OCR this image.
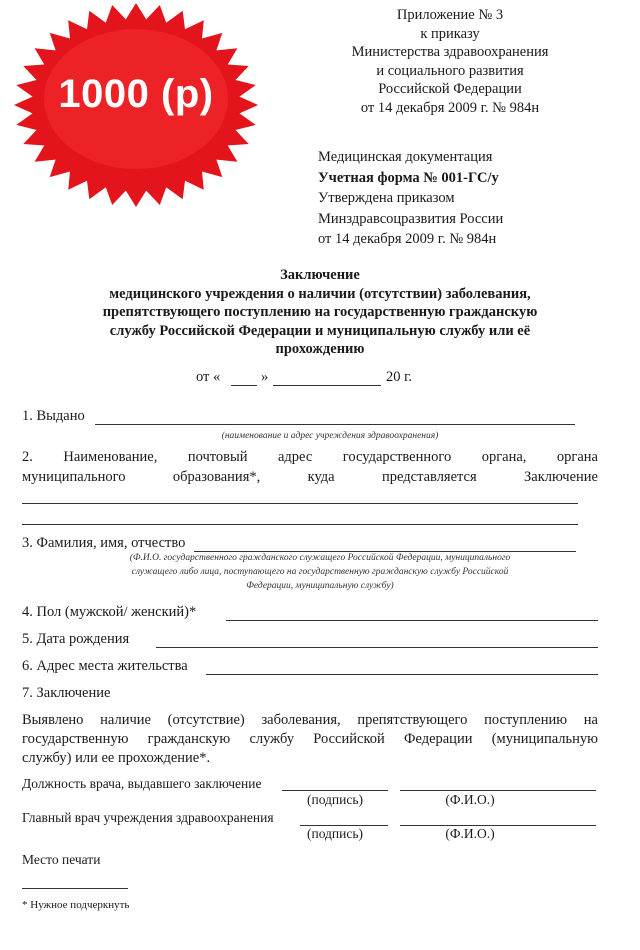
1000 (р)
Приложение № 3
к приказу
Министерства здравоохранения
и социального развития
Российской Федерации
от 14 декабря 2009 г. № 984н
Медицинская документация
Учетная форма № 001-ГС/у
Утверждена приказом
Минздравсоцразвития России
от 14 декабря 2009 г. № 984н
Заключение
медицинского учреждения о наличии (отсутствии) заболевания,
препятствующего поступлению на государственную гражданскую
службу Российской Федерации и муниципальную службу или её
прохождению
от «	»	20 г.
1. Выдано
(наименование и адрес учреждения здравоохранения)
2. Наименование, почтовый адрес государственного органа, органа
муниципального образования*, куда представляется Заключение
3. Фамилия, имя, отчество
(Ф.И.О. государственного гражданского служащего Российской Федерации, муниципального
служащего либо лица, поступающего на государственную гражданскую службу Российской
Федерации, муниципальную службу)
4. Пол (мужской/ женский)*
5. Дата рождения
6. Адрес места жительства
7. Заключение
Выявлено наличие (отсутствие) заболевания, препятствующего поступлению на
государственную гражданскую службу Российской Федерации (муниципальную
службу) или ее прохождение*.
Должность врача, выдавшего заключение
(подпись)	(Ф.И.О.)
Главный врач учреждения здравоохранения
(подпись)	(Ф.И.О.)
Место печати
* Нужное подчеркнуть
